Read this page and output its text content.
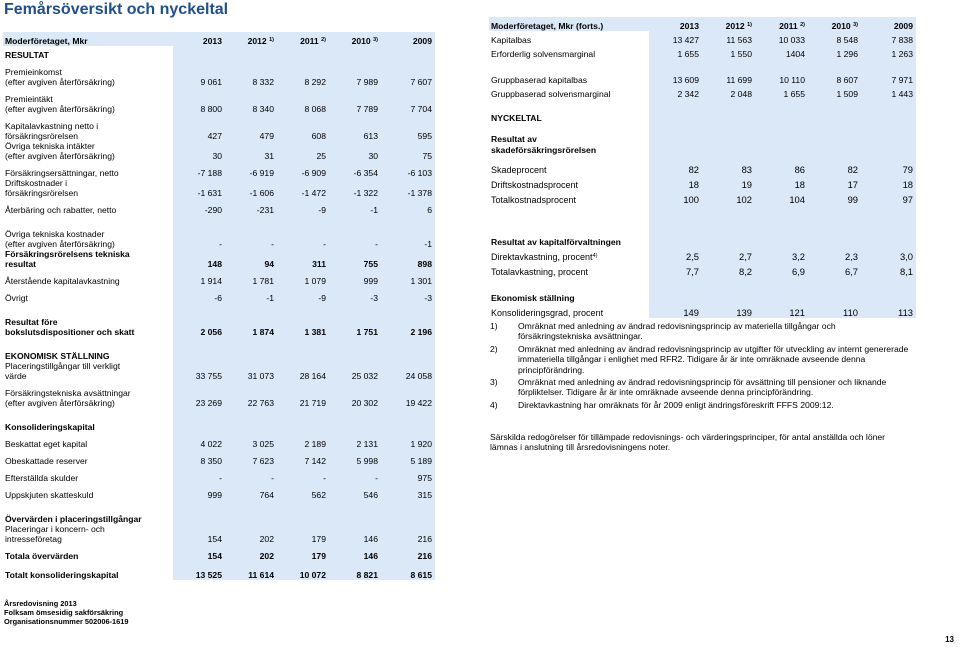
Femårsöversikt och nyckeltal
Moderföretaget, Mkr	2013	2012 $^{1)}$	2011 $^{2)}$	2010 $^{3)}$	2009
RESULTAT					

Premieinkomst					
(efter avgiven återförsäkring)	9 061	8 332	8 292	7 989	7 607

Premieintäkt					
(efter avgiven återförsäkring)	8 800	8 340	8 068	7 789	7 704

Kapitalavkastning netto i					
försäkringsrörelsen	427	479	608	613	595
Övriga tekniska intäkter					
(efter avgiven återförsäkring)	30	31	25	30	75

Försäkringsersättningar, netto	-7 188	-6 919	-6 909	-6 354	-6 103
Driftskostnader i					
försäkringsrörelsen	-1 631	-1 606	-1 472	-1 322	-1 378

Återbäring och rabatter, netto	-290	-231	-9	-1	6

Övriga tekniska kostnader					
(efter avgiven återförsäkring)	-	-	-	-	-1
Försäkringsrörelsens tekniska					
resultat	148	94	311	755	898

Återstående kapitalavkastning	1 914	1 781	1 079	999	1 301

Övrigt	-6	-1	-9	-3	-3

Resultat före					
bokslutsdispositioner och skatt	2 056	1 874	1 381	1 751	2 196

EKONOMISK STÄLLNING					
Placeringstillgångar till verkligt					
värde	33 755	31 073	28 164	25 032	24 058

Försäkringstekniska avsättningar					
(efter avgiven återförsäkring)	23 269	22 763	21 719	20 302	19 422

Konsolideringskapital					

Beskattat eget kapital	4 022	3 025	2 189	2 131	1 920

Obeskattade reserver	8 350	7 623	7 142	5 998	5 189

Efterställda skulder	-	-	-	-	975

Uppskjuten skatteskuld	999	764	562	546	315

Övervärden i placeringstillgångar					
Placeringar i koncern- och					
intresseföretag	154	202	179	146	216

Totala övervärden	154	202	179	146	216

Totalt konsolideringskapital	13 525	11 614	10 072	8 821	8 615
Moderföretaget, Mkr (forts.)	2013	2012 $^{1)}$	2011 $^{2)}$	2010 $^{3)}$	2009
Kapitalbas	13 427	11 563	10 033	8 548	7 838
Erforderlig solvensmarginal	1 655	1 550	1404	1 296	1 263

Gruppbaserad kapitalbas	13 609	11 699	10 110	8 607	7 971
Gruppbaserad solvensmarginal	2 342	2 048	1 655	1 509	1 443

NYCKELTAL					

Resultat av					
skadeförsäkringsrörelsen					

Skadeprocent	82	83	86	82	79
Driftskostnadsprocent	18	19	18	17	18
Totalkostnadsprocent	100	102	104	99	97

Resultat av kapitalförvaltningen					
Direktavkastning, procent$^{4)}$	2,5	2,7	3,2	2,3	3,0
Totalavkastning, procent	7,7	8,2	6,9	6,7	8,1

Ekonomisk ställning					
Konsolideringsgrad, procent	149	139	121	110	113
1)	Omräknat med anledning av ändrad redovisningsprincip av materiella tillgångar och försäkringstekniska avsättningar.
2)	Omräknat med anledning av ändrad redovisningsprincip av utgifter för utveckling av internt genererade immateriella tillgångar i enlighet med RFR2. Tidigare år är inte omräknade avseende denna principförändring.
3)	Omräknat med anledning av ändrad redovisningsprincip för avsättning till pensioner och liknande förpliktelser. Tidigare år är inte omräknade avseende denna principförändring.
4)	Direktavkastning har omräknats för år 2009 enligt ändringsföreskrift FFFS 2009:12.
Särskilda redogörelser för tillämpade redovisnings- och värderingsprinciper, för antal anställda och löner lämnas i anslutning till årsredovisningens noter.
Årsredovisning 2013
Folksam ömsesidig sakförsäkring
Organisationsnummer 502006-1619
13
